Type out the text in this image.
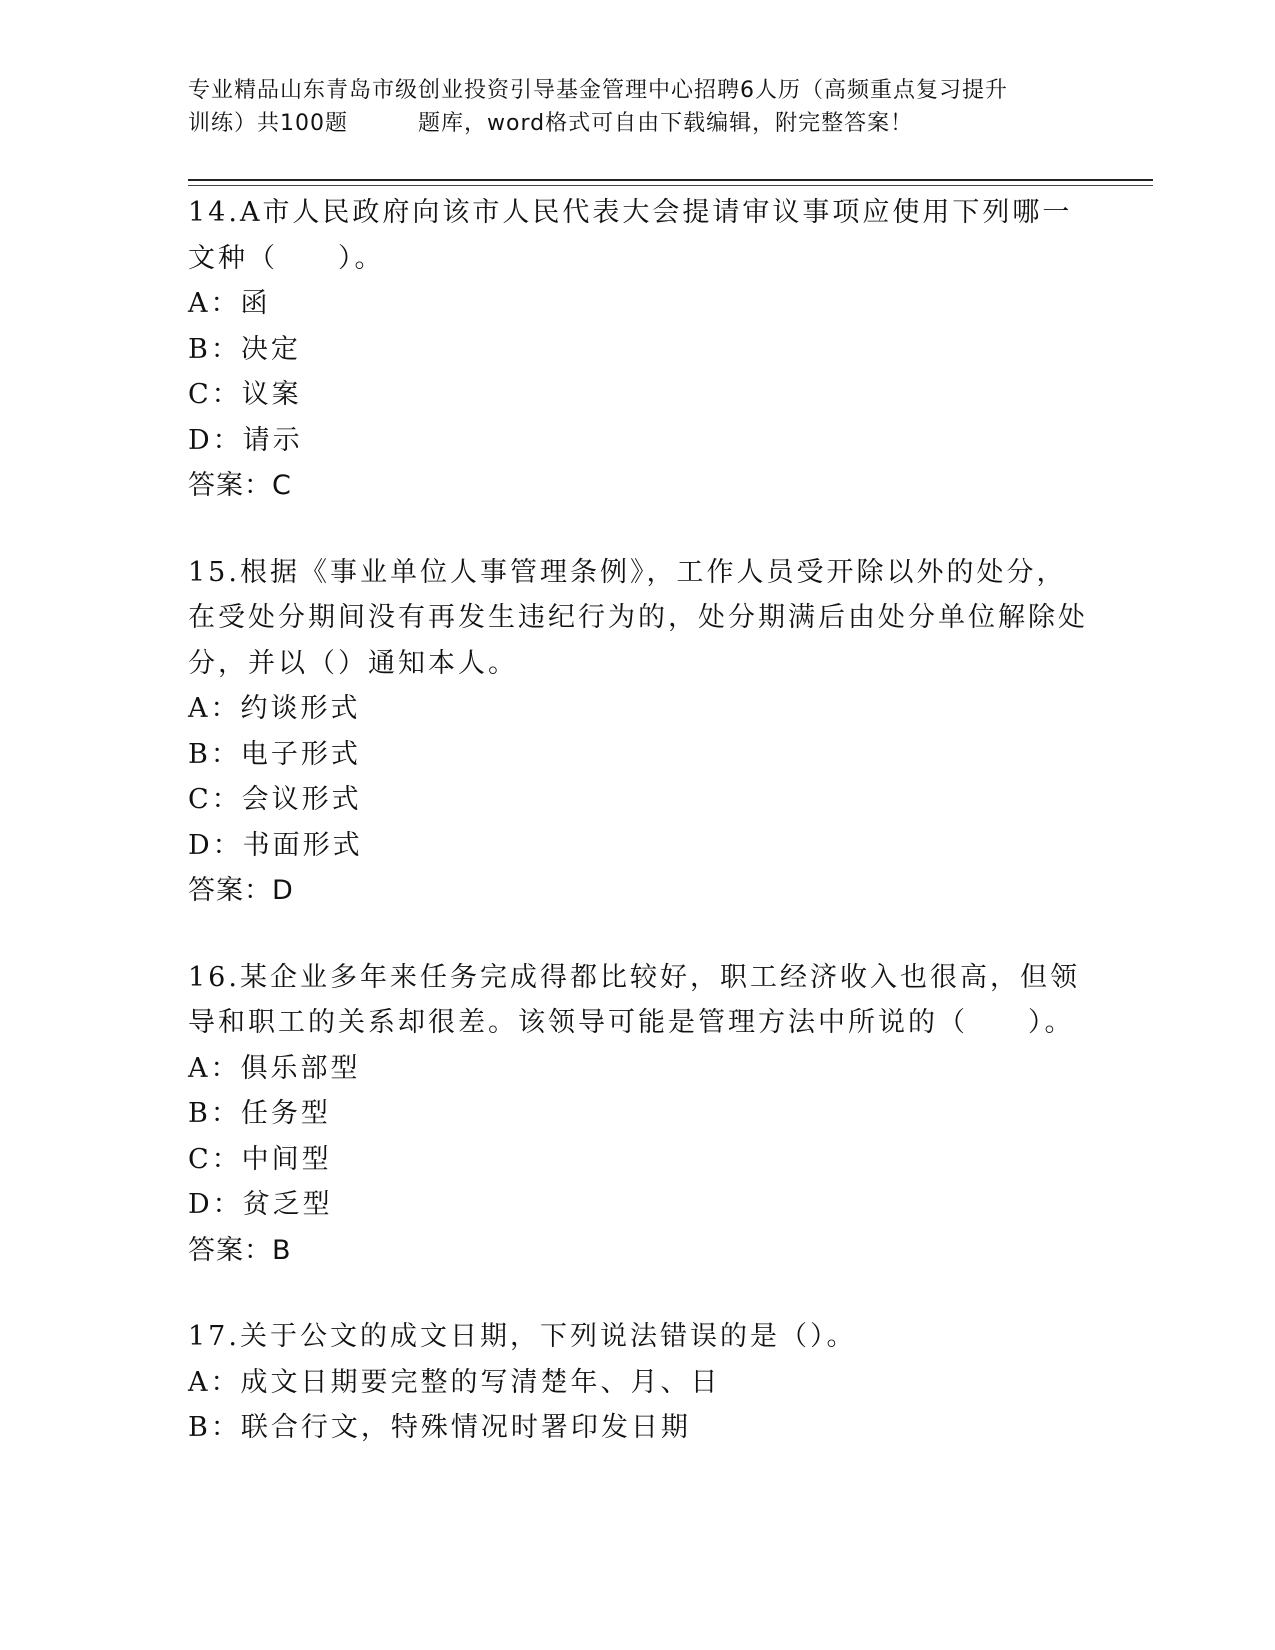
专业精品山东青岛市级创业投资引导基金管理中心招聘6人历（高频重点复习提升
训练）共100题	题库，word格式可自由下载编辑，附完整答案！

14.A市人民政府向该市人民代表大会提请审议事项应使用下列哪一文种（　　）。

A：函

B：决定

C：议案

D：请示

答案：C

15.根据《事业单位人事管理条例》，工作人员受开除以外的处分，在受处分期间没有再发生违纪行为的，处分期满后由处分单位解除处分，并以（）通知本人。

A：约谈形式

B：电子形式

C：会议形式

D：书面形式

答案：D

16.某企业多年来任务完成得都比较好，职工经济收入也很高，但领导和职工的关系却很差。该领导可能是管理方法中所说的（　　）。

A：俱乐部型

B：任务型

C：中间型

D：贫乏型

答案：B

17.关于公文的成文日期，下列说法错误的是（）。

A：成文日期要完整的写清楚年、月、日

B：联合行文，特殊情况时署印发日期
